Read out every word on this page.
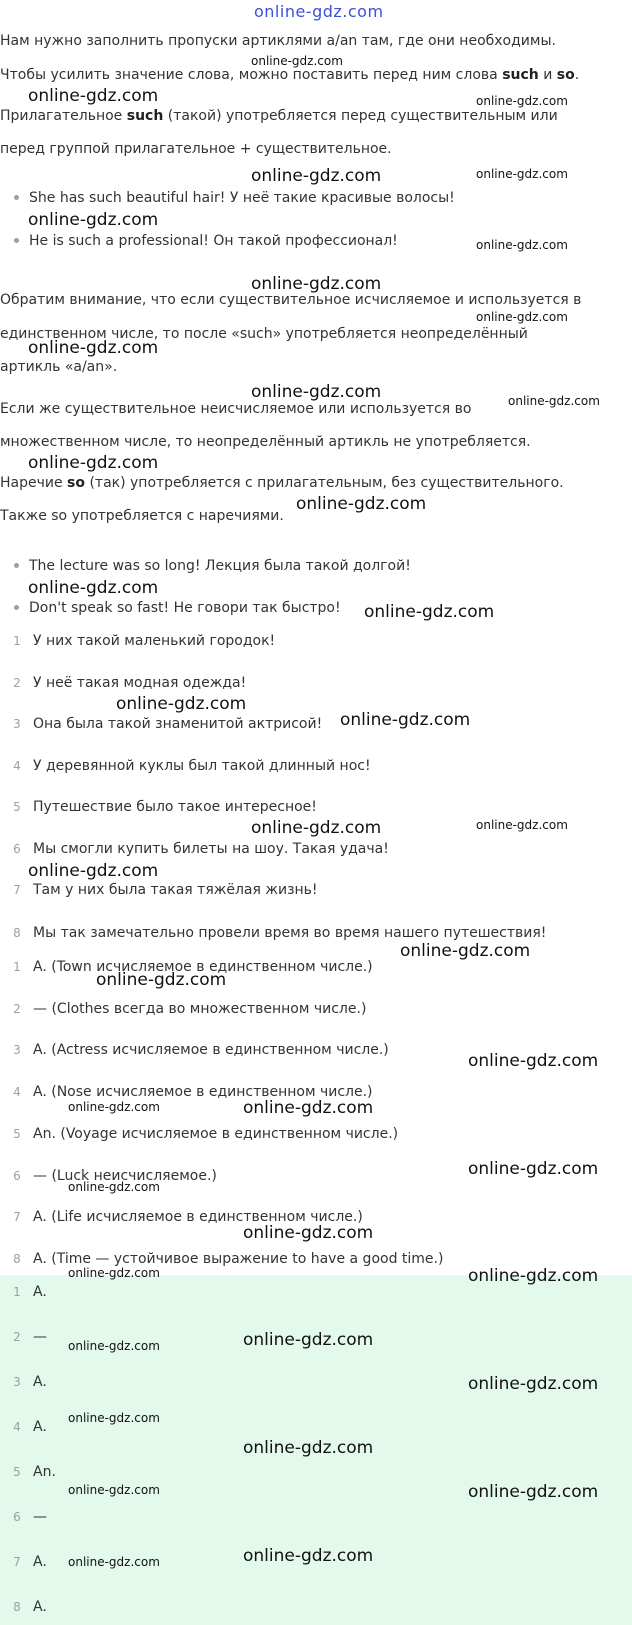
online-gdz.com
Нам нужно заполнить пропуски артиклями a/an там, где они необходимы.
Чтобы усилить значение слова, можно поставить перед ним слова such и so.
Прилагательное such (такой) употребляется перед существительным или
перед группой прилагательное + существительное.
She has such beautiful hair! У неё такие красивые волосы!
He is such a professional! Он такой профессионал!
Обратим внимание, что если существительное исчисляемое и используется в
единственном числе, то после «such» употребляется неопределённый
артикль «a/an».
Если же существительное неисчисляемое или используется во
множественном числе, то неопределённый артикль не употребляется.
Наречие so (так) употребляется с прилагательным, без существительного.
Также so употребляется с наречиями.
The lecture was so long! Лекция была такой долгой!
Don't speak so fast! Не говори так быстро!
1 У них такой маленький городок!
2 У неё такая модная одежда!
3 Она была такой знаменитой актрисой!
4 У деревянной куклы был такой длинный нос!
5 Путешествие было такое интересное!
6 Мы смогли купить билеты на шоу. Такая удача!
7 Там у них была такая тяжёлая жизнь!
8 Мы так замечательно провели время во время нашего путешествия!
1 A. (Town исчисляемое в единственном числе.)
2 — (Clothes всегда во множественном числе.)
3 A. (Actress исчисляемое в единственном числе.)
4 A. (Nose исчисляемое в единственном числе.)
5 An. (Voyage исчисляемое в единственном числе.)
6 — (Luck неисчисляемое.)
7 A. (Life исчисляемое в единственном числе.)
8 A. (Time — устойчивое выражение to have a good time.)
1 A.
2 —
3 A.
4 A.
5 An.
6 —
7 A.
8 A.
online-gdz.com
online-gdz.com	online-gdz.com
online-gdz.com	online-gdz.com
online-gdz.com
online-gdz.com
online-gdz.com
online-gdz.com
online-gdz.com
online-gdz.com	online-gdz.com
online-gdz.com
online-gdz.com
online-gdz.com
online-gdz.com
online-gdz.com
online-gdz.com
online-gdz.com	online-gdz.com
online-gdz.com
online-gdz.com
online-gdz.com
online-gdz.com
online-gdz.com
online-gdz.com
online-gdz.com
online-gdz.com
online-gdz.com
online-gdz.com	online-gdz.com
online-gdz.com
online-gdz.com
online-gdz.com
online-gdz.com
online-gdz.com
online-gdz.com	online-gdz.com
online-gdz.com
online-gdz.com
